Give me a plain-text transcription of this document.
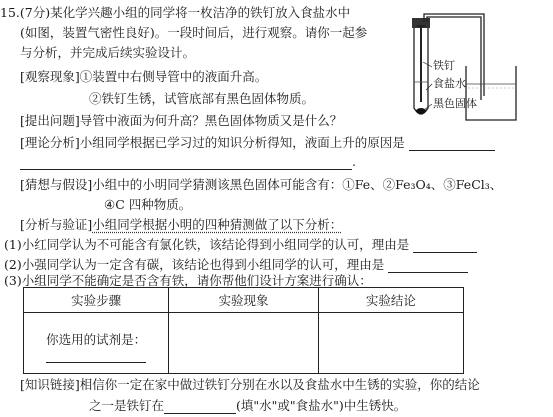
15.(7分)某化学兴趣小组的同学将一枚洁净的铁钉放入食盐水中
(如图，装置气密性良好)。一段时间后，进行观察。请你一起参
与分析，并完成后续实验设计。
[观察现象]①装置中右侧导管中的液面升高。
②铁钉生锈，试管底部有黑色固体物质。
[提出问题]导管中液面为何升高？黑色固体物质又是什么？
[理论分析]小组同学根据已学习过的知识分析得知，液面上升的原因是
.
[猜想与假设]小组中的小明同学猜测该黑色固体可能含有：①Fe、②Fe₃O₄、③FeCl₃、
④C 四种物质。
[分析与验证]小组同学根据小明的四种猜测做了以下分析：
(1)小红同学认为不可能含有氯化铁，该结论得到小组同学的认可，理由是
(2)小强同学认为一定含有碳，该结论也得到小组同学的认可，理由是
(3)小组同学不能确定是否含有铁，请你帮他们设计方案进行确认：
实验步骤	实验现象	实验结论

你选用的试剂是：		

[知识链接]相信你一定在家中做过铁钉分别在水以及食盐水中生锈的实验，你的结论
之一是铁钉在	(填"水"或"食盐水")中生锈快。
铁钉
食盐水
黑色固体
